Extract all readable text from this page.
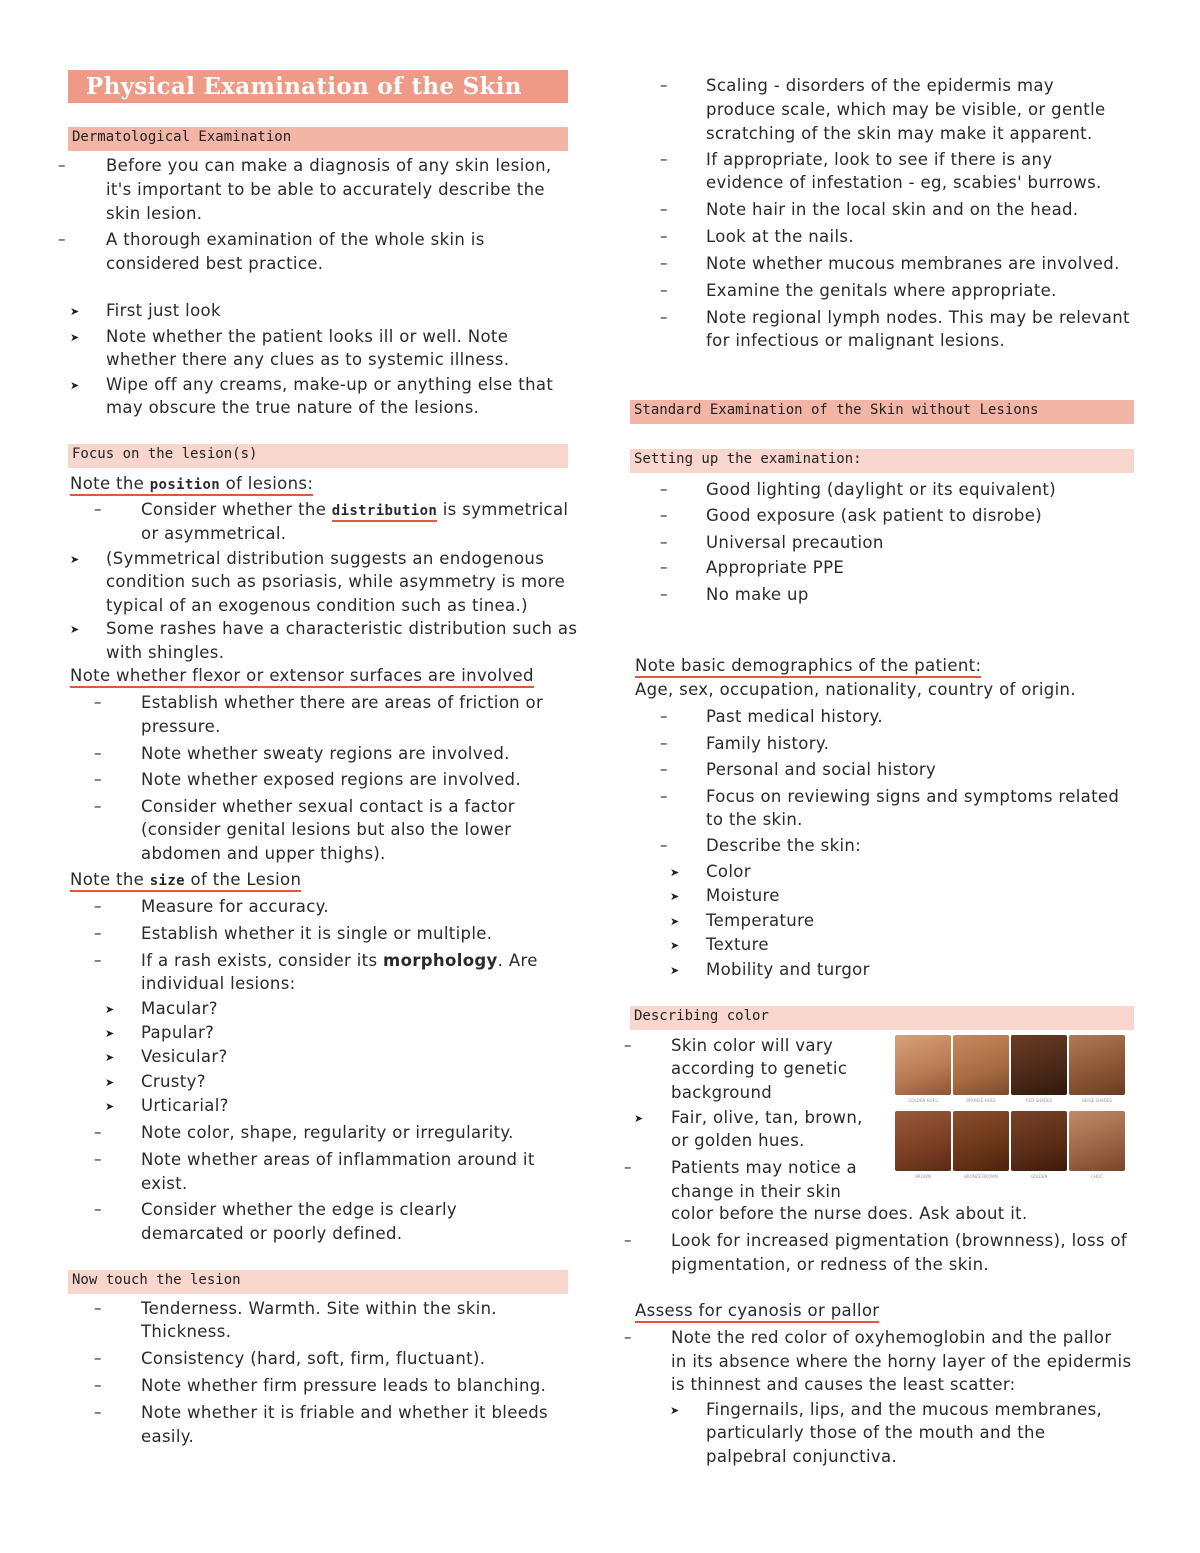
Physical Examination of the Skin
Dermatological Examination
– Before you can make a diagnosis of any skin lesion,
it's important to be able to accurately describe the
skin lesion.
– A thorough examination of the whole skin is
considered best practice.
➤ First just look
➤ Note whether the patient looks ill or well. Note
whether there any clues as to systemic illness.
➤ Wipe off any creams, make-up or anything else that
may obscure the true nature of the lesions.
Focus on the lesion(s)
Note the position of lesions:
– Consider whether the distribution is symmetrical
or asymmetrical.
➤ (Symmetrical distribution suggests an endogenous
condition such as psoriasis, while asymmetry is more
typical of an exogenous condition such as tinea.)
➤ Some rashes have a characteristic distribution such as
with shingles.
Note whether flexor or extensor surfaces are involved
– Establish whether there are areas of friction or
pressure.
– Note whether sweaty regions are involved.
– Note whether exposed regions are involved.
– Consider whether sexual contact is a factor
(consider genital lesions but also the lower
abdomen and upper thighs).
Note the size of the Lesion
– Measure for accuracy.
– Establish whether it is single or multiple.
– If a rash exists, consider its morphology. Are
individual lesions:
➤ Macular?
➤ Papular?
➤ Vesicular?
➤ Crusty?
➤ Urticarial?
– Note color, shape, regularity or irregularity.
– Note whether areas of inflammation around it
exist.
– Consider whether the edge is clearly
demarcated or poorly defined.
Now touch the lesion
– Tenderness. Warmth. Site within the skin.
Thickness.
– Consistency (hard, soft, firm, fluctuant).
– Note whether firm pressure leads to blanching.
– Note whether it is friable and whether it bleeds
easily.
– Scaling - disorders of the epidermis may
produce scale, which may be visible, or gentle
scratching of the skin may make it apparent.
– If appropriate, look to see if there is any
evidence of infestation - eg, scabies' burrows.
– Note hair in the local skin and on the head.
– Look at the nails.
– Note whether mucous membranes are involved.
– Examine the genitals where appropriate.
– Note regional lymph nodes. This may be relevant
for infectious or malignant lesions.
Standard Examination of the Skin without Lesions
Setting up the examination:
– Good lighting (daylight or its equivalent)
– Good exposure (ask patient to disrobe)
– Universal precaution
– Appropriate PPE
– No make up
Note basic demographics of the patient:
Age, sex, occupation, nationality, country of origin.
– Past medical history.
– Family history.
– Personal and social history
– Focus on reviewing signs and symptoms related
to the skin.
– Describe the skin:
➤ Color
➤ Moisture
➤ Temperature
➤ Texture
➤ Mobility and turgor
Describing color
– Skin color will vary
according to genetic
background
➤ Fair, olive, tan, brown,
or golden hues.
– Patients may notice a
change in their skin
color before the nurse does. Ask about it.
– Look for increased pigmentation (brownness), loss of
pigmentation, or redness of the skin.
GOLDEN HUES	BRONZE HUES	RED SHADES	BEIGE SHADES
BROWN	BRONZE BROWN	GOLDEN	CHOC
Assess for cyanosis or pallor
– Note the red color of oxyhemoglobin and the pallor
in its absence where the horny layer of the epidermis
is thinnest and causes the least scatter:
➤ Fingernails, lips, and the mucous membranes,
particularly those of the mouth and the
palpebral conjunctiva.
